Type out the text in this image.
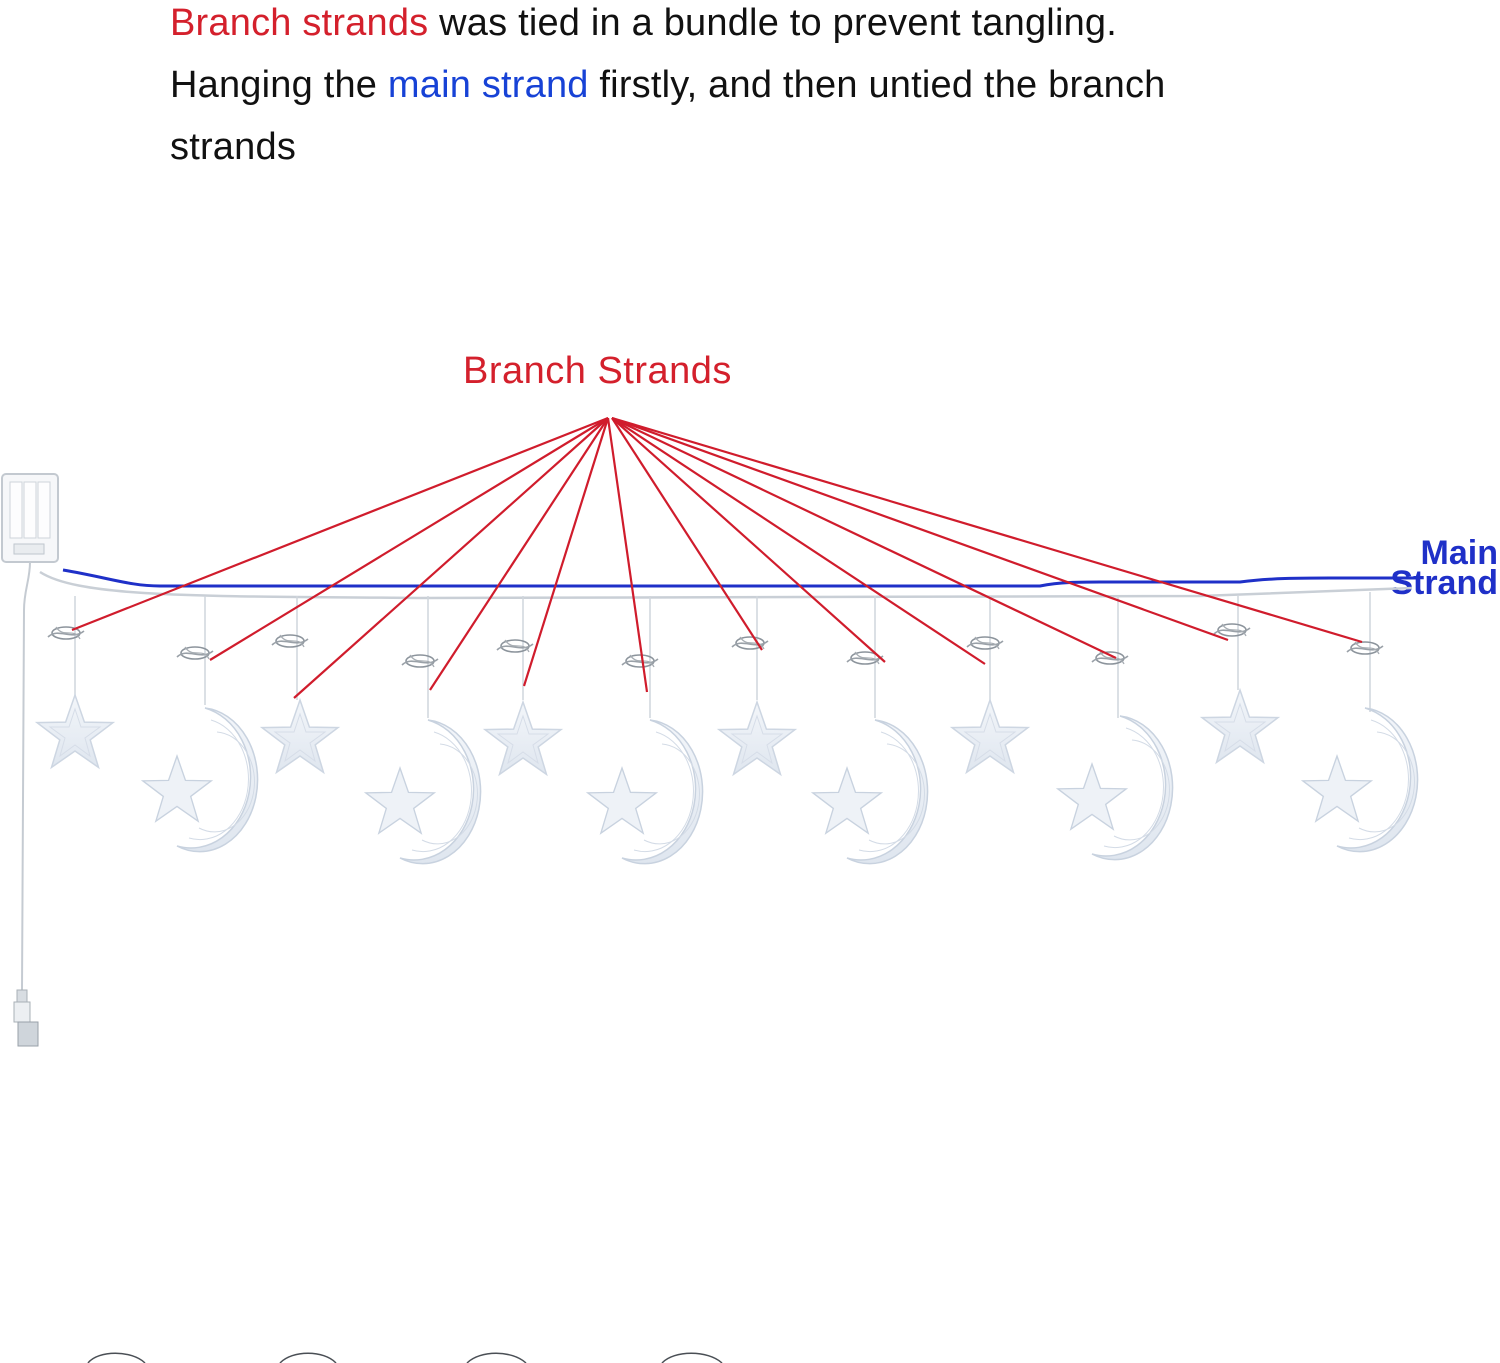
Branch strands was tied in a bundle to prevent tangling.
Hanging the main strand firstly, and then untied the branch
strands
Branch Strands
Main
Strand
